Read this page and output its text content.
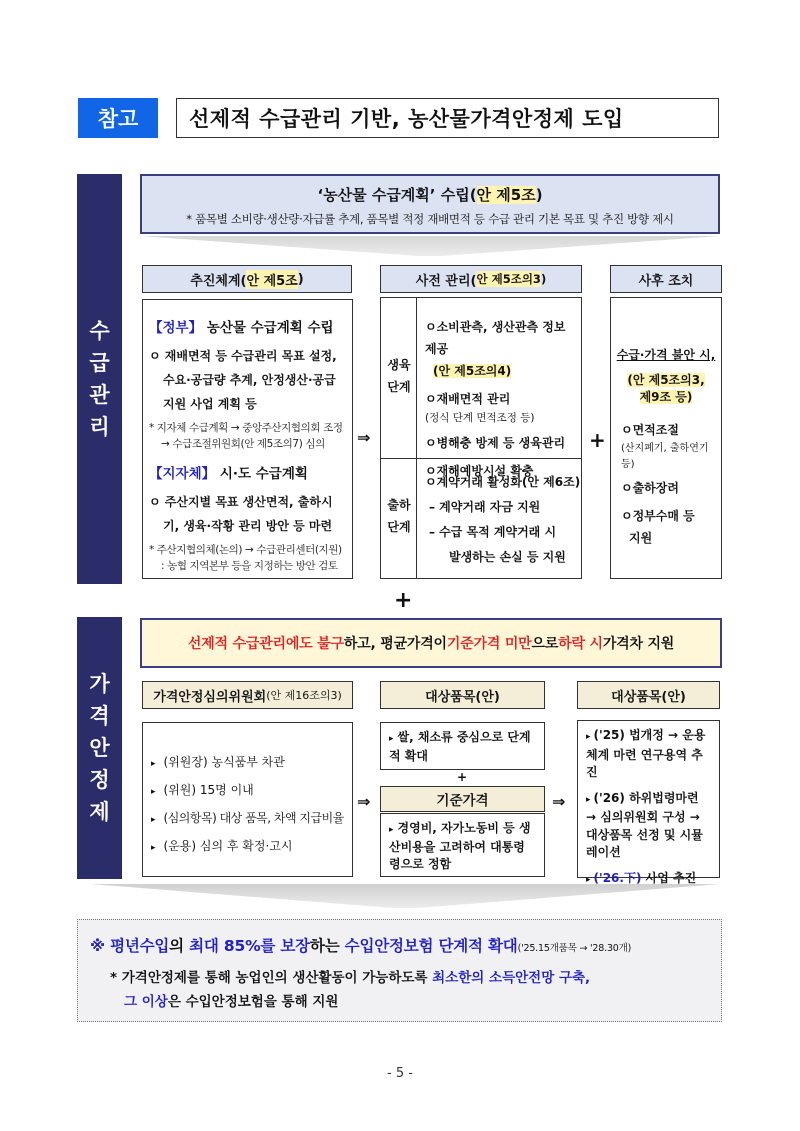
참고	선제적 수급관리 기반, 농산물가격안정제 도입
수
급
관
리
‘농산물 수급계획’ 수립(안 제5조)
* 품목별 소비량·생산량·자급률 추계, 품목별 적정 재배면적 등 수급 관리 기본 목표 및 추진 방향 제시
추진체계( 안 제5조 )	사전 관리( 안 제5조의3 )	사후 조치
【정부】 농산물 수급계획 수립
ㅇ 재배면적 등 수급관리 목표 설정, 수요·공급량 추계, 안정생산·공급 지원 사업 계획 등
* 지자체 수급계획 → 중앙주산지협의회 조정 → 수급조절위원회(안 제5조의7) 심의
【지자체】 시·도 수급계획
ㅇ 주산지별 목표 생산면적, 출하시기, 생육·작황 관리 방안 등 마련
* 주산지협의체(논의) → 수급관리센터(지원) : 농협 지역본부 등을 지정하는 방안 검토
⇒
생육
단계
ㅇ소비관측, 생산관측 정보 제공
(안 제5조의4)
ㅇ재배면적 관리
(정식 단계 면적조정 등)
ㅇ병해충 방제 등 생육관리
ㅇ재해예방시설 확충
출하
단계
ㅇ계약거래 활성화(안 제6조)
– 계약거래 자금 지원
– 수급 목적 계약거래 시
발생하는 손실 등 지원
+
수급·가격 불안 시,
(안 제5조의3,
제9조 등)
ㅇ면적조절
(산지폐기, 출하연기 등)
ㅇ출하장려
ㅇ정부수매 등
지원
+
가
격
안
정
제
선제적 수급관리에도 불구 하고, 평균가격이 기준가격 미만 으로 하락 시 가격차 지원
가격안정심의위원회 (안 제16조의3)	대상품목(안)	대상품목(안)
▸ (위원장) 농식품부 차관
▸ (위원) 15명 이내
▸ (심의항목) 대상 품목, 차액 지급비율
▸ (운용) 심의 후 확정·고시
⇒
▸ 쌀, 채소류 중심으로 단계적 확대
+
기준가격
▸ 경영비, 자가노동비 등 생산비용을 고려하여 대통령령으로 정함
⇒
▸ ('25) 법개정 → 운용체계 마련 연구용역 추진
▸ ('26) 하위법령마련 → 심의위원회 구성 → 대상품목 선정 및 시뮬레이션
▸ ('26.下) 사업 추진
※ 평년수입의 최대 85%를 보장하는 수입안정보험 단계적 확대('25.15개품목 → '28.30개)
* 가격안정제를 통해 농업인의 생산활동이 가능하도록 최소한의 소득안전망 구축,
그 이상은 수입안정보험을 통해 지원
- 5 -
